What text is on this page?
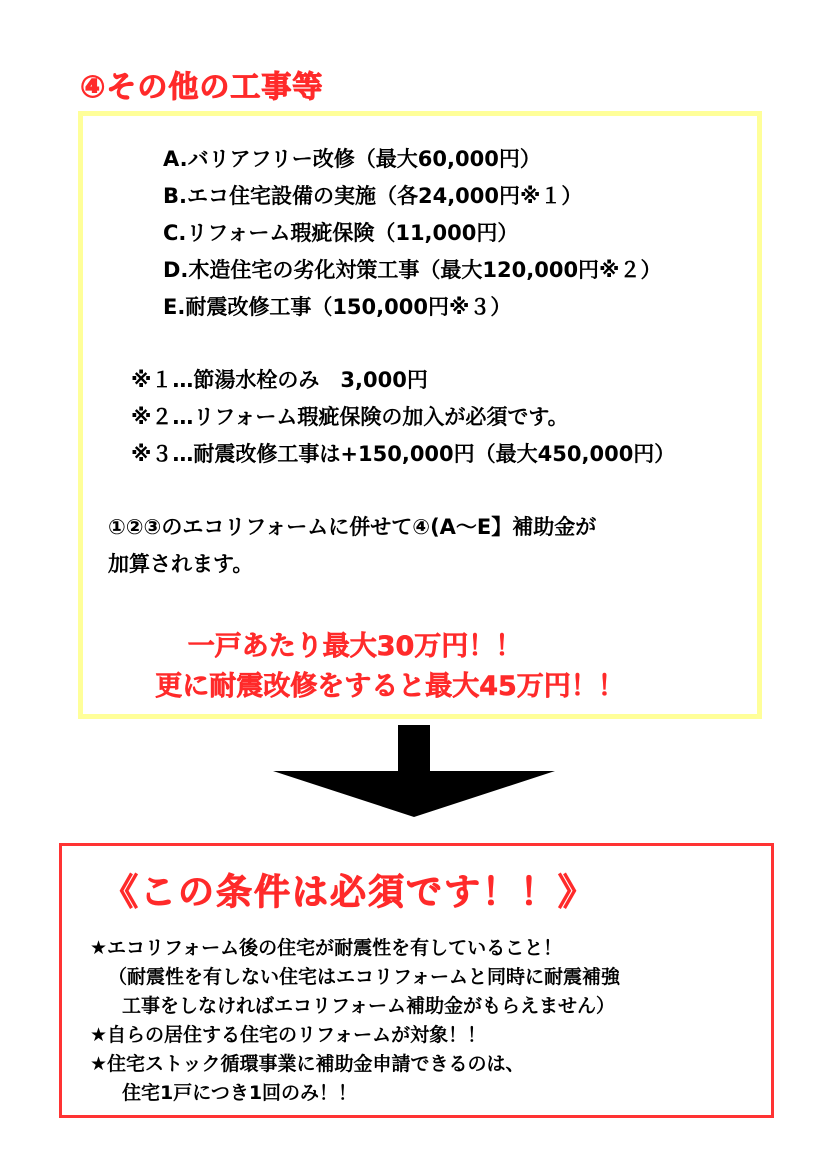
④その他の工事等
A.バリアフリー改修（最大60,000円）
B.エコ住宅設備の実施（各24,000円※１）
C.リフォーム瑕疵保険（11,000円）
D.木造住宅の劣化対策工事（最大120,000円※２）
E.耐震改修工事（150,000円※３）
※１…節湯水栓のみ　3,000円
※２…リフォーム瑕疵保険の加入が必須です。
※３…耐震改修工事は+150,000円（最大450,000円）
①②③のエコリフォームに併せて④(A～E】補助金が
加算されます。
一戸あたり最大30万円！！
更に耐震改修をすると最大45万円！！
《この条件は必須です！！》
★エコリフォーム後の住宅が耐震性を有していること！
（耐震性を有しない住宅はエコリフォームと同時に耐震補強
工事をしなければエコリフォーム補助金がもらえません）
★自らの居住する住宅のリフォームが対象！！
★住宅ストック循環事業に補助金申請できるのは、
住宅1戸につき1回のみ！！
